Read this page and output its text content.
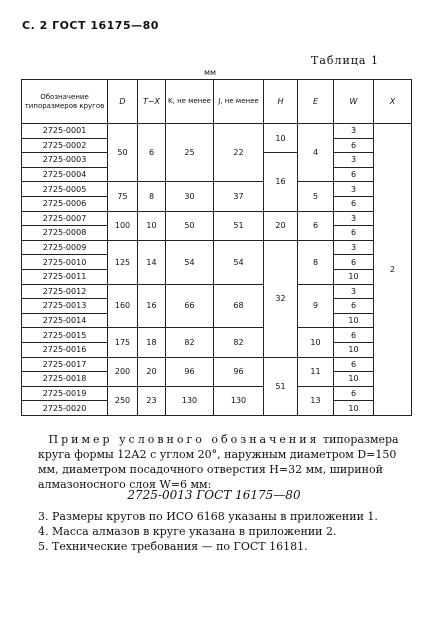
С. 2 ГОСТ 16175—80
Таблица 1
мм
Обозначение типоразмеров кругов	D	T−X	K, не менее	J, не менее	H	E	W	X
2725-0001	50	6	25	22	10	4	3	2
2725-0002							6	
2725-0003					16		3	
2725-0004							6	
2725-0005	75	8	30	37		5	3	
2725-0006							6	
2725-0007	100	10	50	51	20	6	3	
2725-0008							6	
2725-0009	125	14	54	54	32	8	3	
2725-0010							6	
2725-0011							10	
2725-0012	160	16	66	68		9	3	
2725-0013							6	
2725-0014							10	
2725-0015	175	18	82	82		10	6	
2725-0016							10	
2725-0017	200	20	96	96	51	11	6	
2725-0018							10	
2725-0019	250	23	130	130		13	6	
2725-0020							10	
Пример условного обозначения типоразмера круга формы 12А2 с углом 20°, наружным диаметром D=150 мм, диаметром посадочного отверстия H=32 мм, шириной алмазоносного слоя W=6 мм:
2725-0013 ГОСТ 16175—80
3. Размеры кругов по ИСО 6168 указаны в приложении 1.
4. Масса алмазов в круге указана в приложении 2.
5. Технические требования — по ГОСТ 16181.
